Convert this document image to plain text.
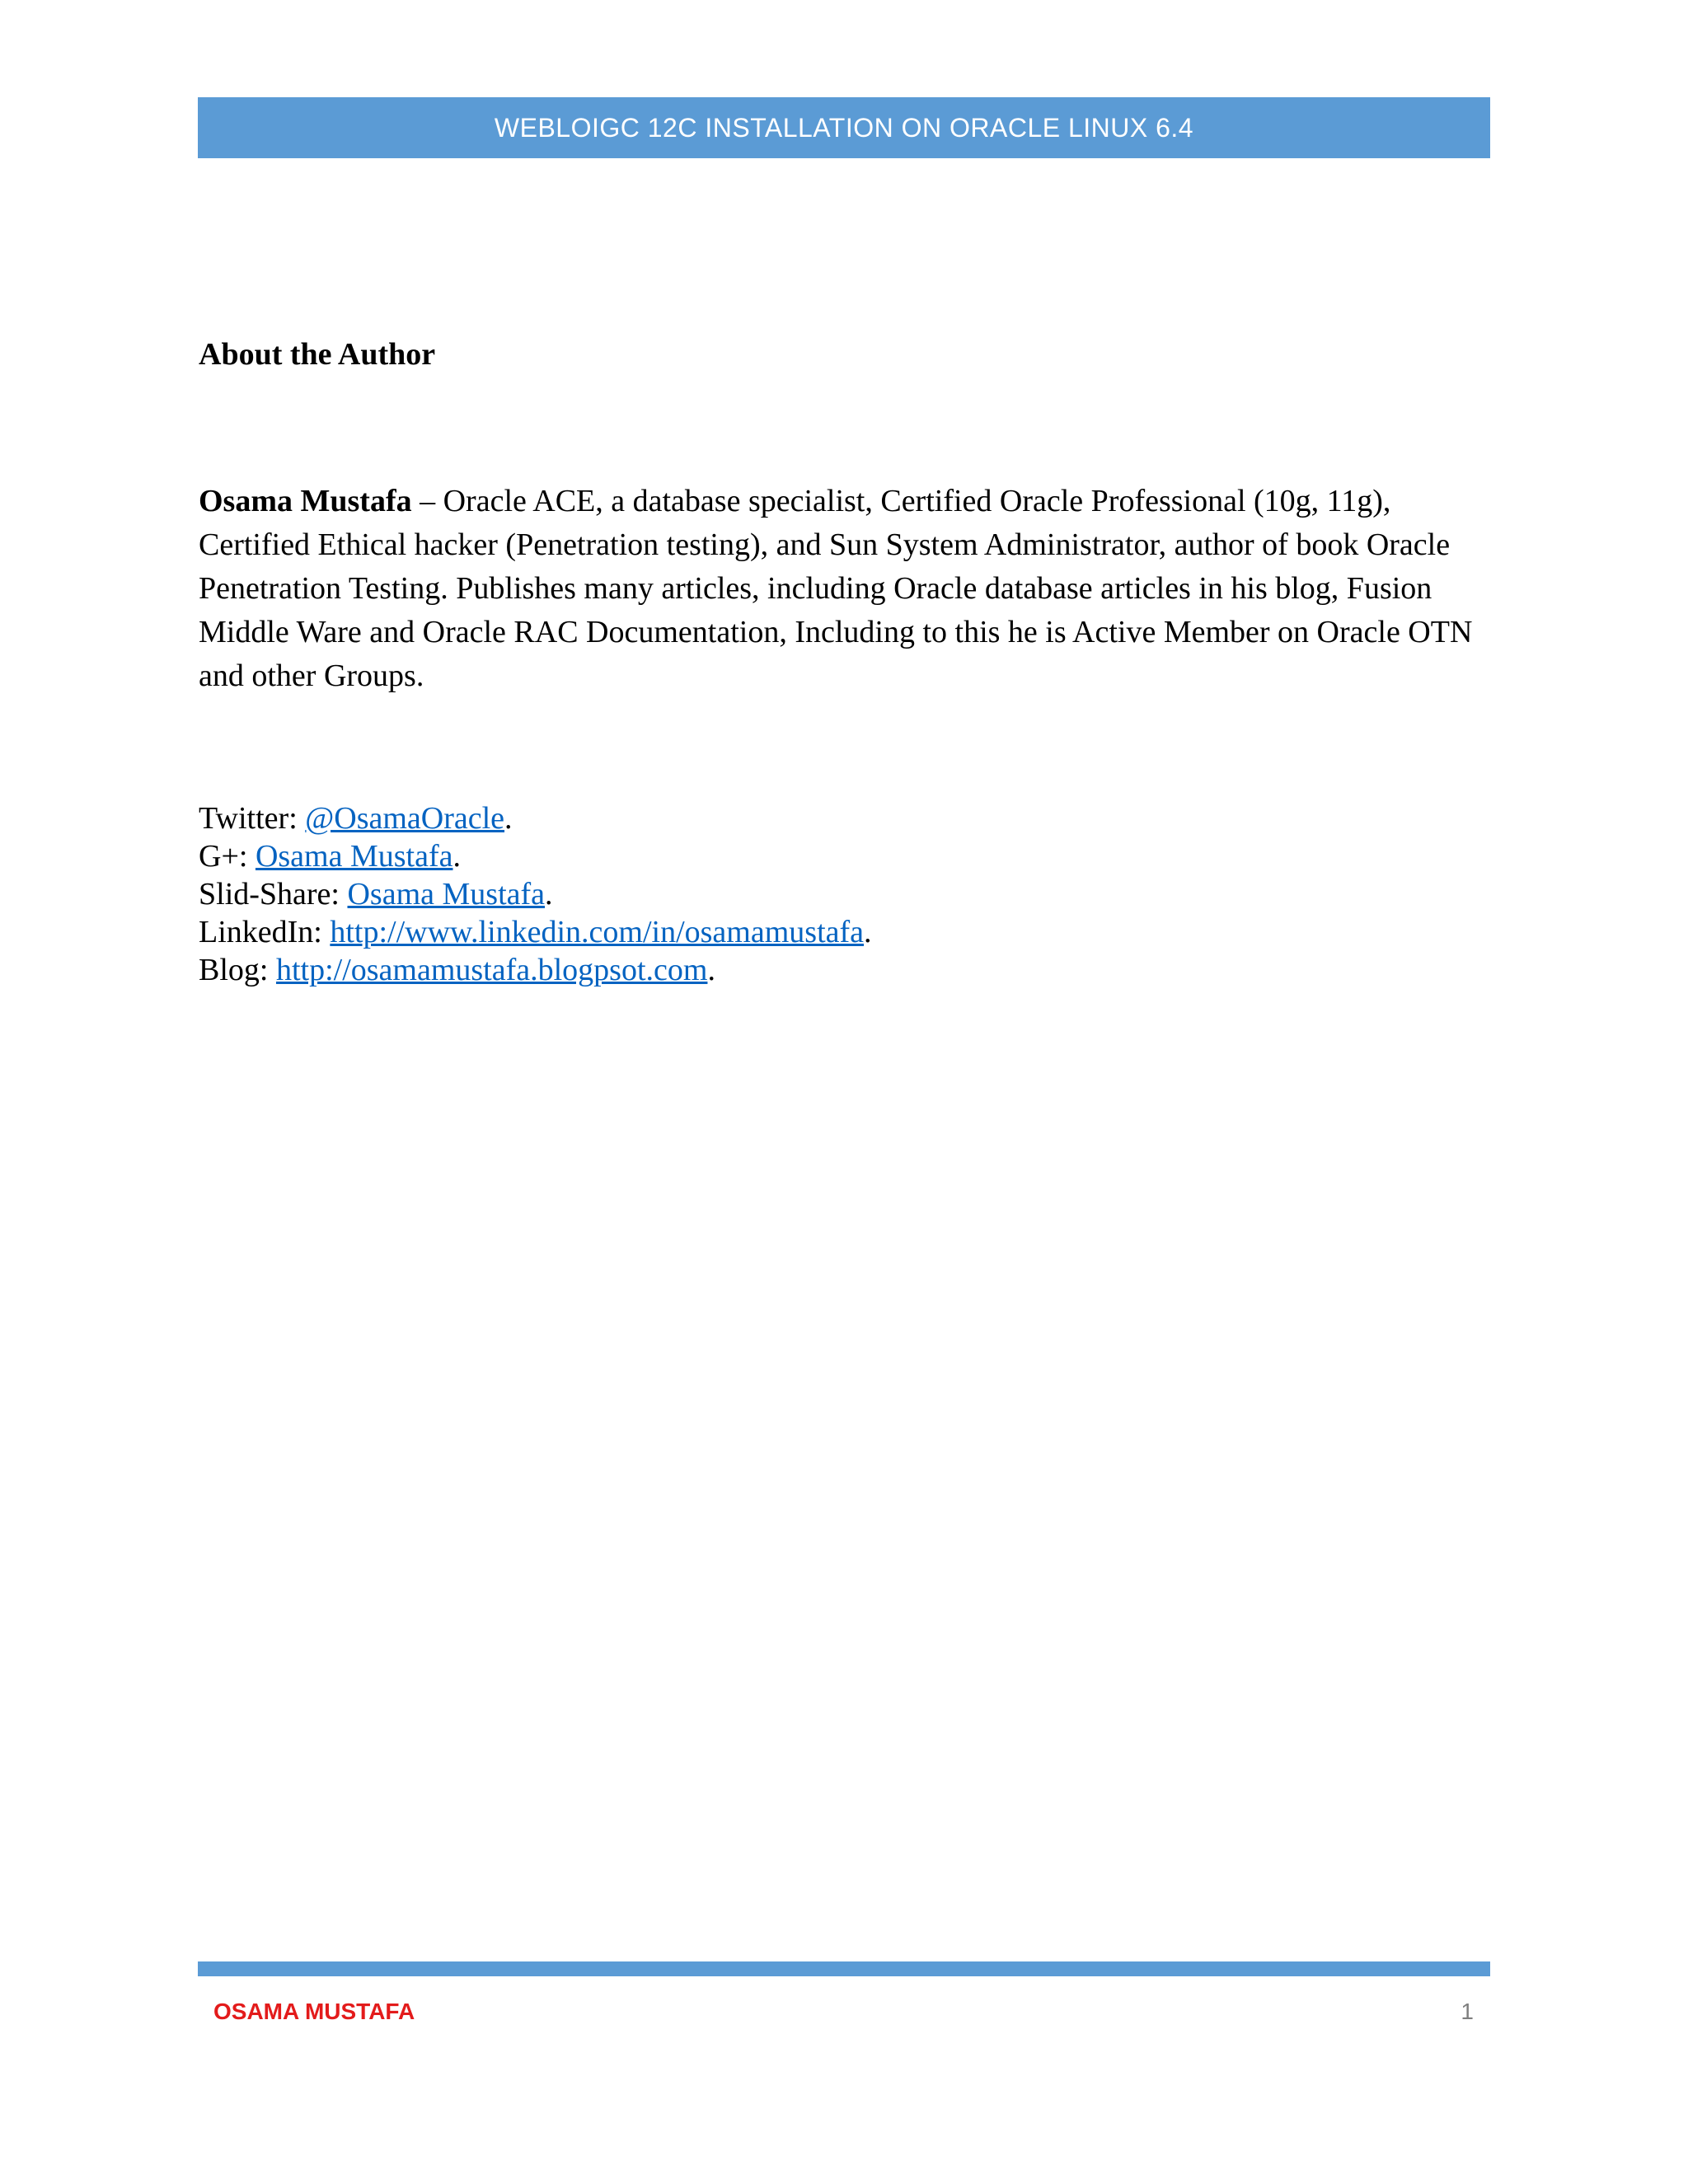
WEBLOIGC 12C INSTALLATION ON ORACLE LINUX 6.4
About the Author

Osama Mustafa – Oracle ACE, a database specialist, Certified Oracle Professional (10g, 11g), Certified Ethical hacker (Penetration testing), and Sun System Administrator, author of book Oracle Penetration Testing. Publishes many articles, including Oracle database articles in his blog, Fusion Middle Ware and Oracle RAC Documentation, Including to this he is Active Member on Oracle OTN and other Groups.

Twitter: @OsamaOracle.
G+: Osama Mustafa.
Slid-Share: Osama Mustafa.
LinkedIn: http://www.linkedin.com/in/osamamustafa.
Blog: http://osamamustafa.blogpsot.com.
OSAMA MUSTAFA	1
